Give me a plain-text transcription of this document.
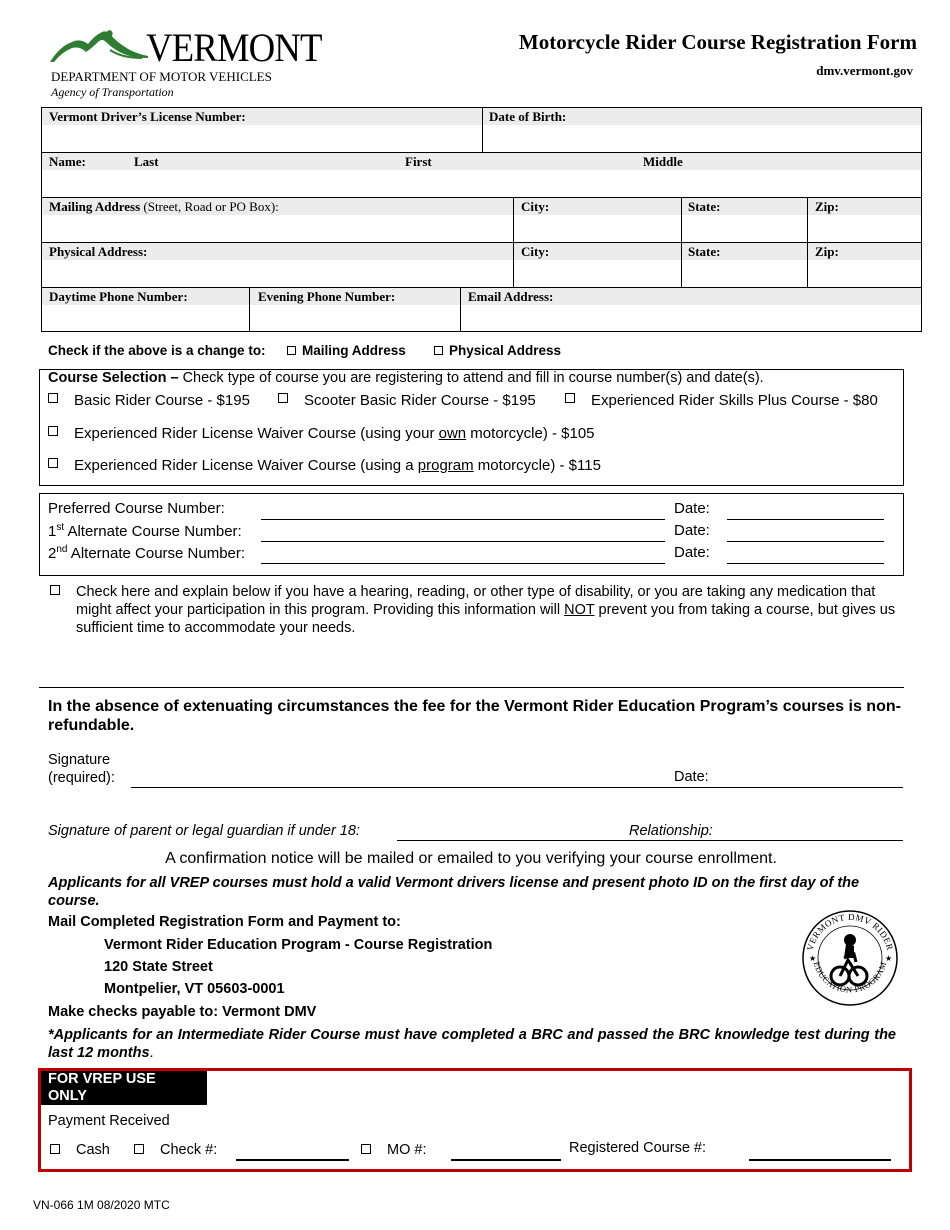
VERMONT
DEPARTMENT OF MOTOR VEHICLES
Agency of Transportation
Motorcycle Rider Course Registration Form
dmv.vermont.gov
Vermont Driver’s License Number:	Date of Birth:
Name:	Last	First	Middle
Mailing Address (Street, Road or PO Box):	City:	State:	Zip:
Physical Address:	City:	State:	Zip:
Daytime Phone Number:	Evening Phone Number:	Email Address:
Check if the above is a change to:	Mailing Address	Physical Address
Course Selection – Check type of course you are registering to attend and fill in course number(s) and date(s).
Basic Rider Course - $195	Scooter Basic Rider Course - $195	Experienced Rider Skills Plus Course - $80
Experienced Rider License Waiver Course (using your own motorcycle) - $105
Experienced Rider License Waiver Course (using a program motorcycle) - $115
Preferred Course Number:	Date:
1st Alternate Course Number:	Date:
2nd Alternate Course Number:	Date:
Check here and explain below if you have a hearing, reading, or other type of disability, or you are taking any medication that might affect your participation in this program. Providing this information will NOT prevent you from taking a course, but gives us sufficient time to accommodate your needs.
In the absence of extenuating circumstances the fee for the Vermont Rider Education Program’s courses is non-refundable.
Signature
(required):	Date:
Signature of parent or legal guardian if under 18:	Relationship:
A confirmation notice will be mailed or emailed to you verifying your course enrollment.
Applicants for all VREP courses must hold a valid Vermont drivers license and present photo ID on the first day of the course.
Mail Completed Registration Form and Payment to:
Vermont Rider Education Program - Course Registration
120 State Street
Montpelier, VT 05603-0001
Make checks payable to: Vermont DMV
VERMONT DMV RIDER
EDUCATION PROGRAM
★	★
*Applicants for an Intermediate Rider Course must have completed a BRC and passed the BRC knowledge test during the last 12 months.
FOR VREP USE ONLY
Payment Received
Cash	Check #:	MO #:	Registered Course #:
VN-066 1M 08/2020 MTC
